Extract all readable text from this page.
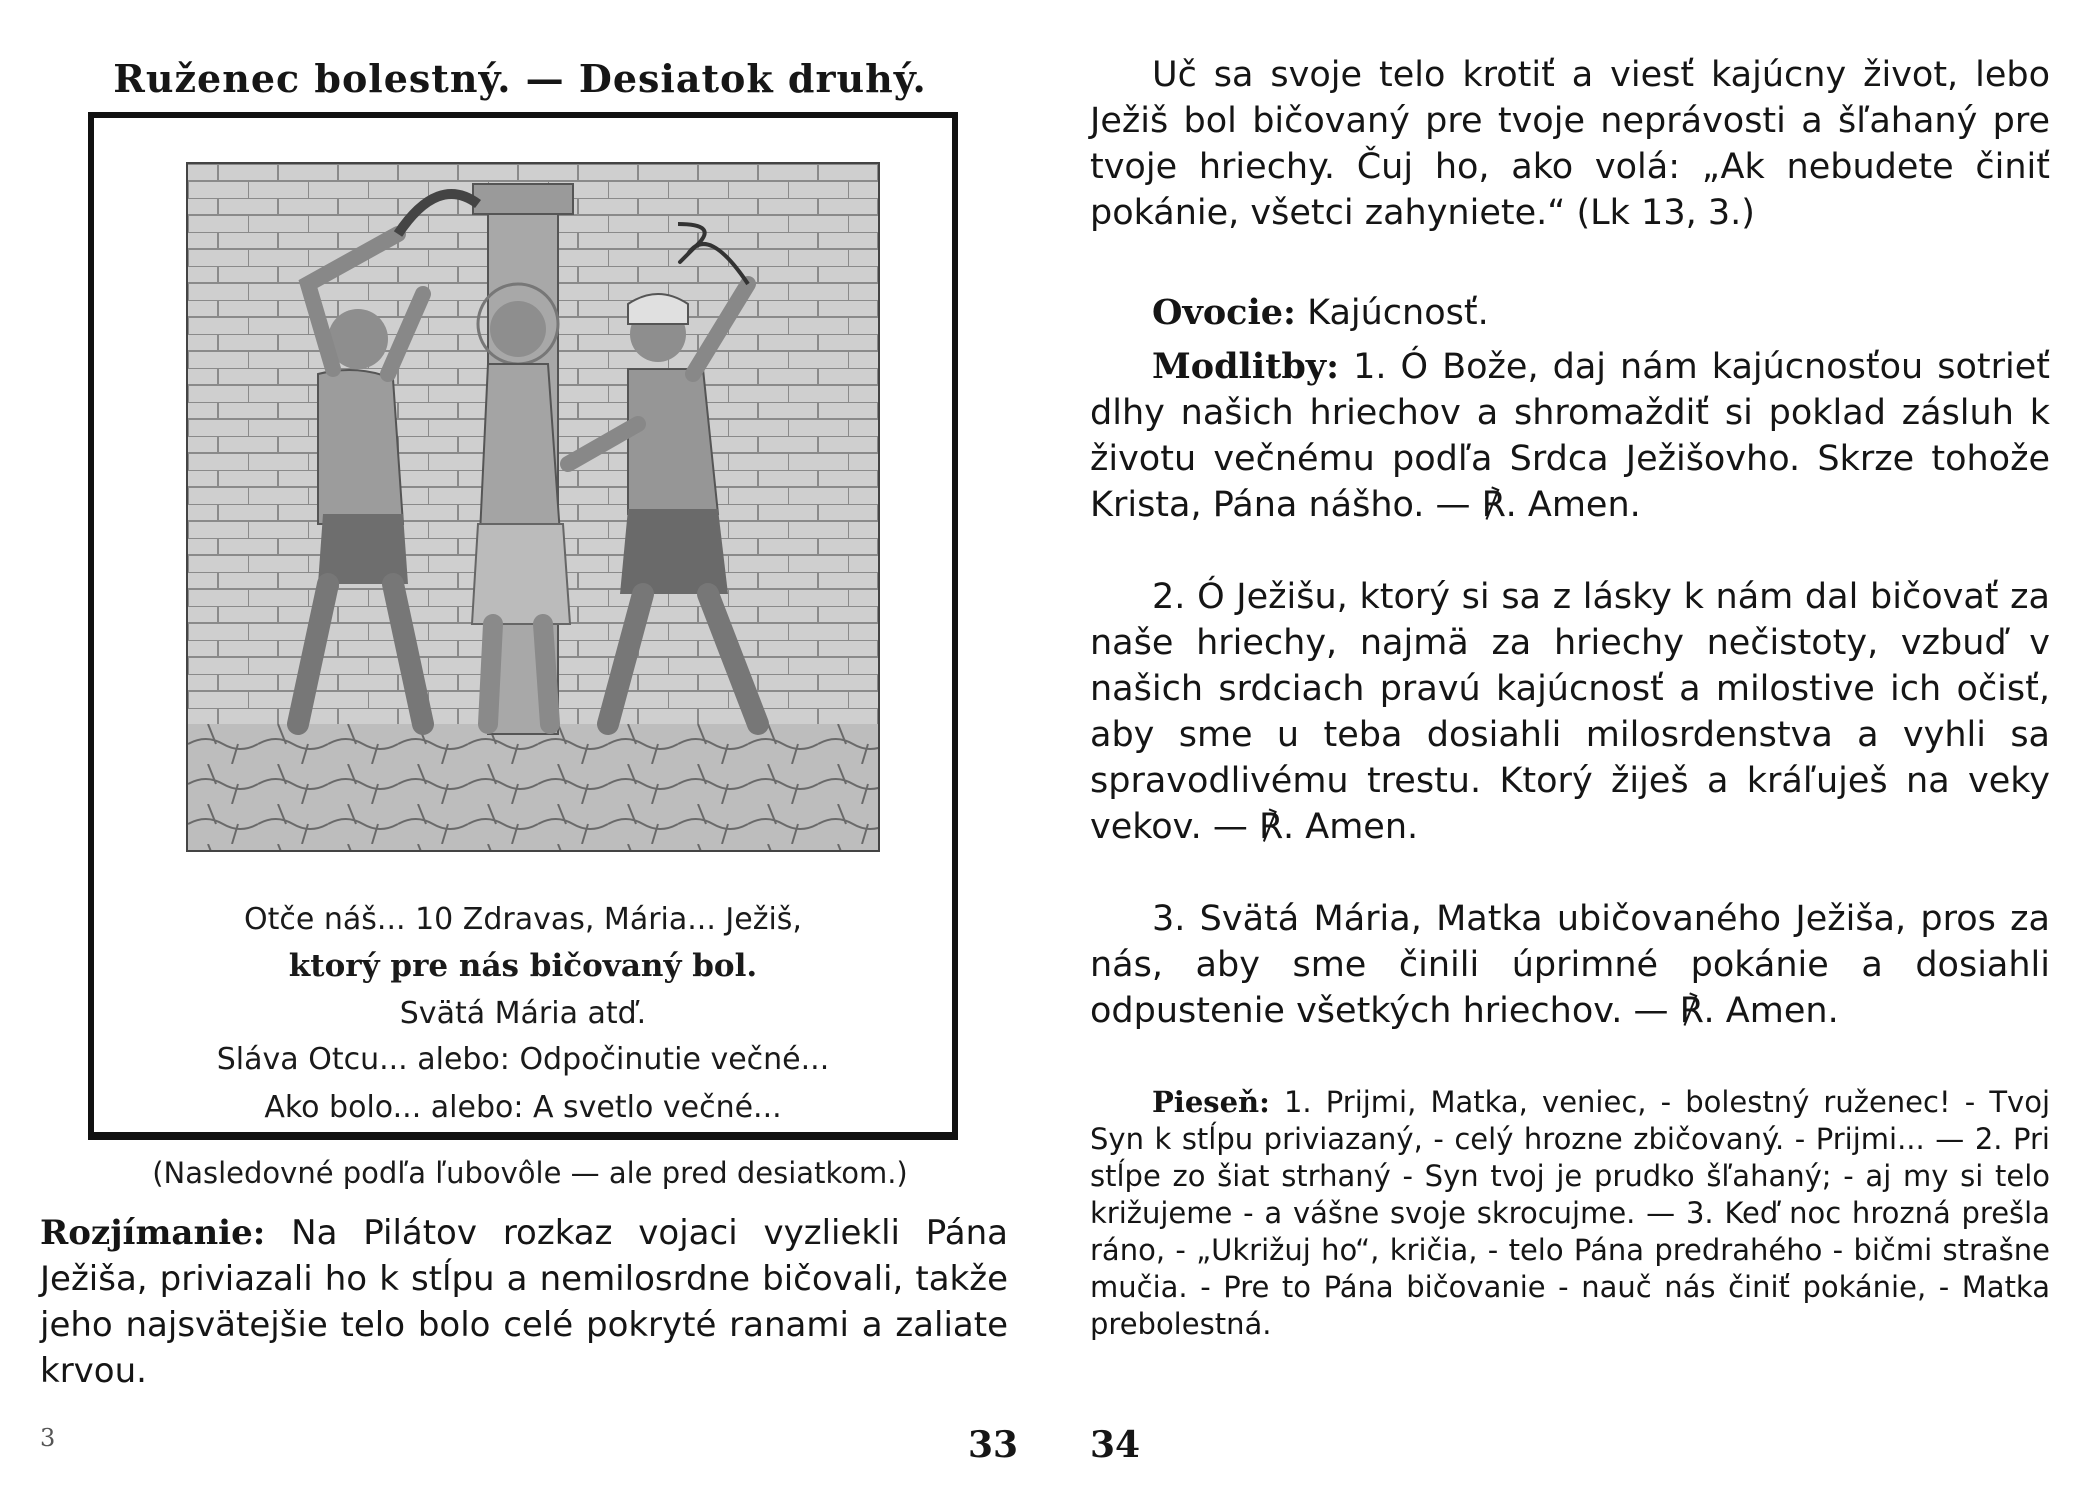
Ruženec bolestný. — Desiatok druhý.
Otče náš... 10 Zdravas, Mária... Ježiš,
ktorý pre nás bičovaný bol.
Svätá Mária atď.
Sláva Otcu... alebo: Odpočinutie večné...
Ako bolo... alebo: A svetlo večné...
(Nasledovné podľa ľubovôle — ale pred desiatkom.)
Rozjímanie: Na Pilátov rozkaz vojaci vyzliekli Pána Ježiša, priviazali ho k stĺpu a nemilosrdne bičovali, takže jeho najsvätejšie telo bolo celé pokryté ranami a zaliate krvou.
3	33
Uč sa svoje telo krotiť a viesť kajúcny život, lebo Ježiš bol bičovaný pre tvoje neprávosti a šľahaný pre tvoje hriechy. Čuj ho, ako volá: „Ak nebudete činiť pokánie, všetci zahyniete.“ (Lk 13, 3.)
Ovocie: Kajúcnosť.
Modlitby: 1. Ó Bože, daj nám kajúcnosťou sotrieť dlhy našich hriechov a shromaždiť si poklad zásluh k životu večnému podľa Srdca Ježišovho. Skrze tohože Krista, Pána nášho. — ℟. Amen.
2. Ó Ježišu, ktorý si sa z lásky k nám dal bičovať za naše hriechy, najmä za hriechy nečistoty, vzbuď v našich srdciach pravú kajúcnosť a milostive ich očisť, aby sme u teba dosiahli milosrdenstva a vyhli sa spravodlivému trestu. Ktorý žiješ a kráľuješ na veky vekov. — ℟. Amen.
3. Svätá Mária, Matka ubičovaného Ježiša, pros za nás, aby sme činili úprimné pokánie a dosiahli odpustenie všetkých hriechov. — ℟. Amen.
Pieseň: 1. Prijmi, Matka, veniec, - bolestný ruženec! - Tvoj Syn k stĺpu priviazaný, - celý hrozne zbičovaný. - Prijmi... — 2. Pri stĺpe zo šiat strhaný - Syn tvoj je prudko šľahaný; - aj my si telo križujeme - a vášne svoje skrocujme. — 3. Keď noc hrozná prešla ráno, - „Ukrižuj ho“, kričia, - telo Pána predrahého - bičmi strašne mučia. - Pre to Pána bičovanie - nauč nás činiť pokánie, - Matka prebolestná.
34
